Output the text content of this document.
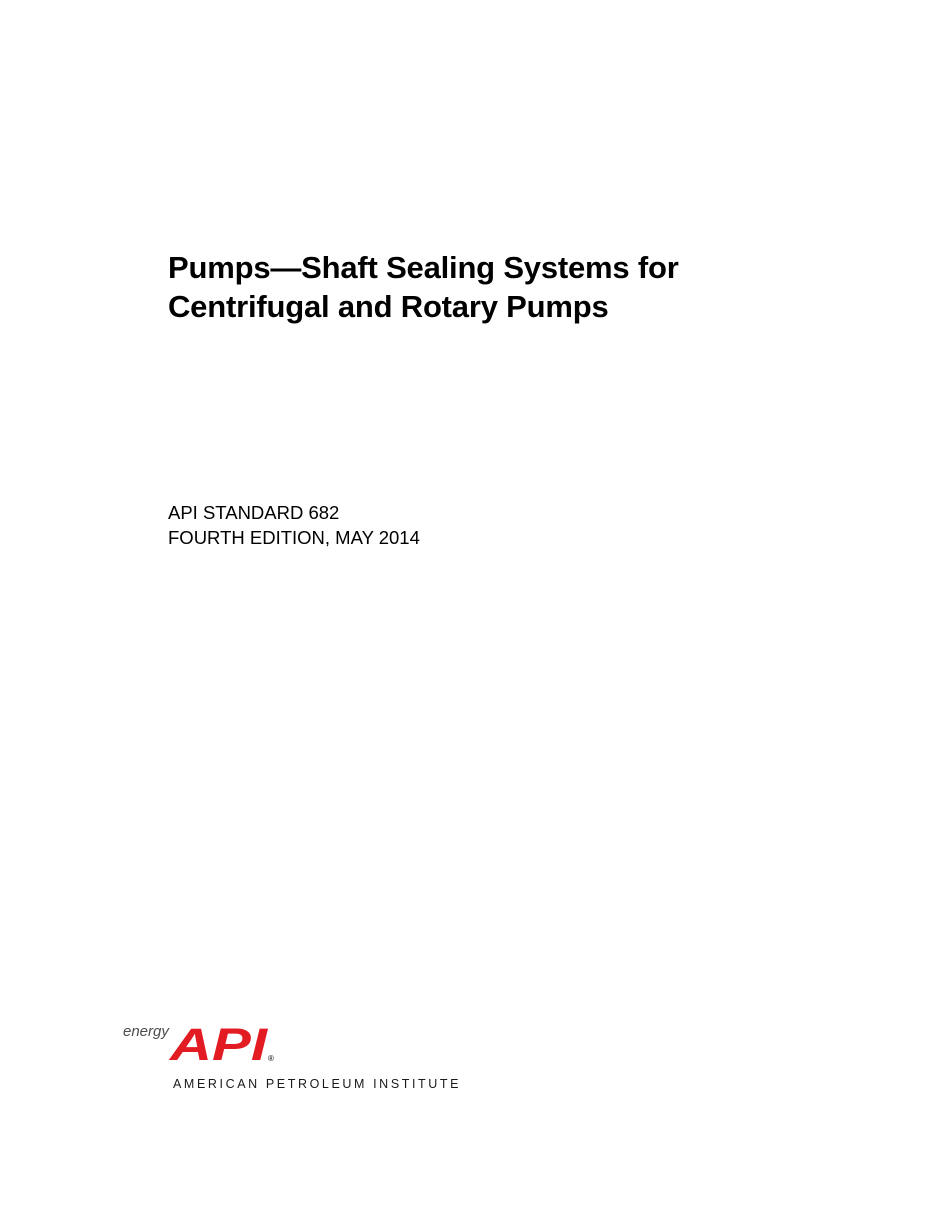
Pumps—Shaft Sealing Systems for
Centrifugal and Rotary Pumps
API STANDARD 682
FOURTH EDITION, MAY 2014
energy API ®
AMERICAN PETROLEUM INSTITUTE
